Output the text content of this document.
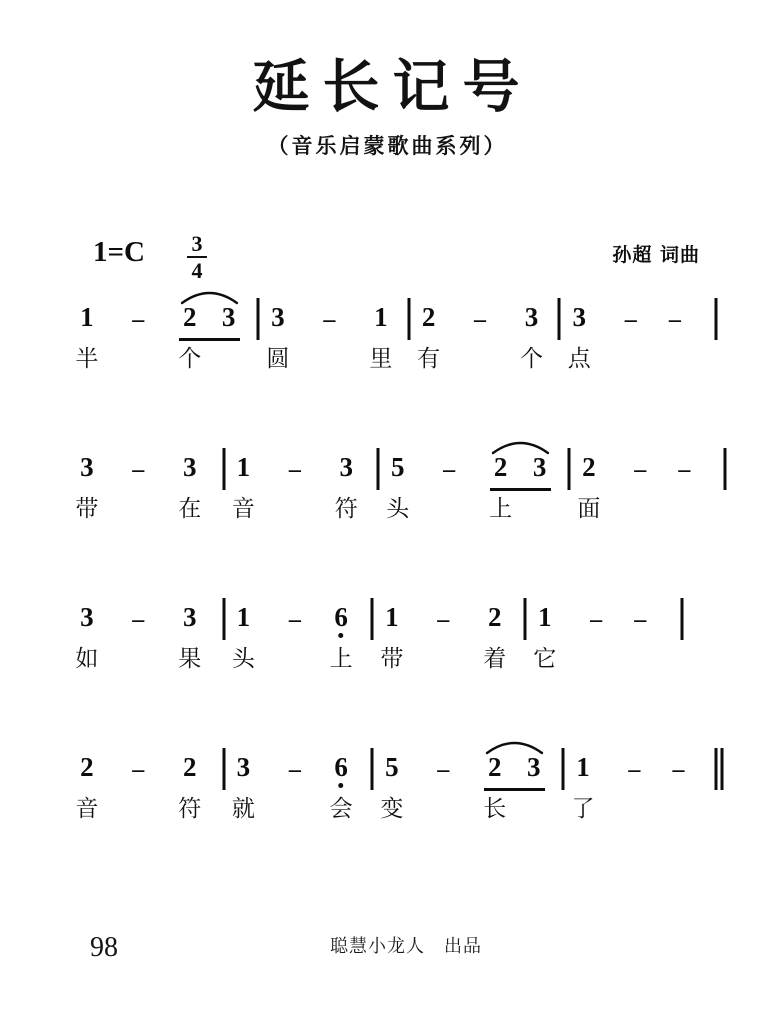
延长记号
（音乐启蒙歌曲系列）
1=C	3
4
孙超 词曲
1 – 2 3 3 – 1 2 – 3 3 – –
半	个	圆	里 有	个 点
3 – 3 1 – 3 5 – 2 3 2 – –
带	在 音	符 头	上	面
3 – 3 1 – 6 1 – 2 1 – –
如	果 头	上 带	着 它
2 – 2 3 – 6 5 – 2 3 1 – –
音	符 就	会 变	长	了
98	聪慧小龙人　出品
